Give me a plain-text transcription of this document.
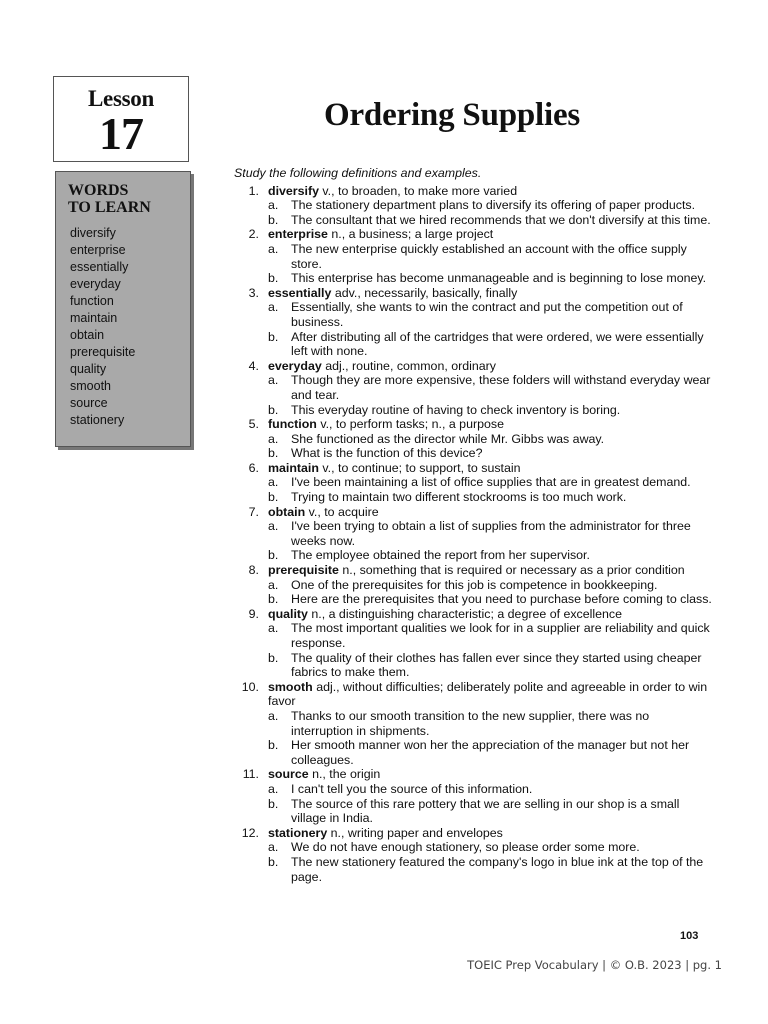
Lesson
17	Ordering Supplies
WORDS
TO LEARN
diversify
enterprise
essentially
everyday
function
maintain
obtain
prerequisite
quality
smooth
source
stationery

Study the following definitions and examples.

1. diversify v., to broaden, to make more varied
a. The stationery department plans to diversify its offering of paper products.
b. The consultant that we hired recommends that we don't diversify at this time.
2. enterprise n., a business; a large project
a. The new enterprise quickly established an account with the office supply store.
b. This enterprise has become unmanageable and is beginning to lose money.
3. essentially adv., necessarily, basically, finally
a. Essentially, she wants to win the contract and put the competition out of business.
b. After distributing all of the cartridges that were ordered, we were essentially left with none.
4. everyday adj., routine, common, ordinary
a. Though they are more expensive, these folders will withstand everyday wear and tear.
b. This everyday routine of having to check inventory is boring.
5. function v., to perform tasks; n., a purpose
a. She functioned as the director while Mr. Gibbs was away.
b. What is the function of this device?
6. maintain v., to continue; to support, to sustain
a. I've been maintaining a list of office supplies that are in greatest demand.
b. Trying to maintain two different stockrooms is too much work.
7. obtain v., to acquire
a. I've been trying to obtain a list of supplies from the administrator for three weeks now.
b. The employee obtained the report from her supervisor.
8. prerequisite n., something that is required or necessary as a prior condition
a. One of the prerequisites for this job is competence in bookkeeping.
b. Here are the prerequisites that you need to purchase before coming to class.
9. quality n., a distinguishing characteristic; a degree of excellence
a. The most important qualities we look for in a supplier are reliability and quick response.
b. The quality of their clothes has fallen ever since they started using cheaper fabrics to make them.
10. smooth adj., without difficulties; deliberately polite and agreeable in order to win favor
a. Thanks to our smooth transition to the new supplier, there was no interruption in shipments.
b. Her smooth manner won her the appreciation of the manager but not her colleagues.
11. source n., the origin
a. I can't tell you the source of this information.
b. The source of this rare pottery that we are selling in our shop is a small village in India.
12. stationery n., writing paper and envelopes
a. We do not have enough stationery, so please order some more.
b. The new stationery featured the company's logo in blue ink at the top of the page.
103
TOEIC Prep Vocabulary | © O.B. 2023 | pg. 1
